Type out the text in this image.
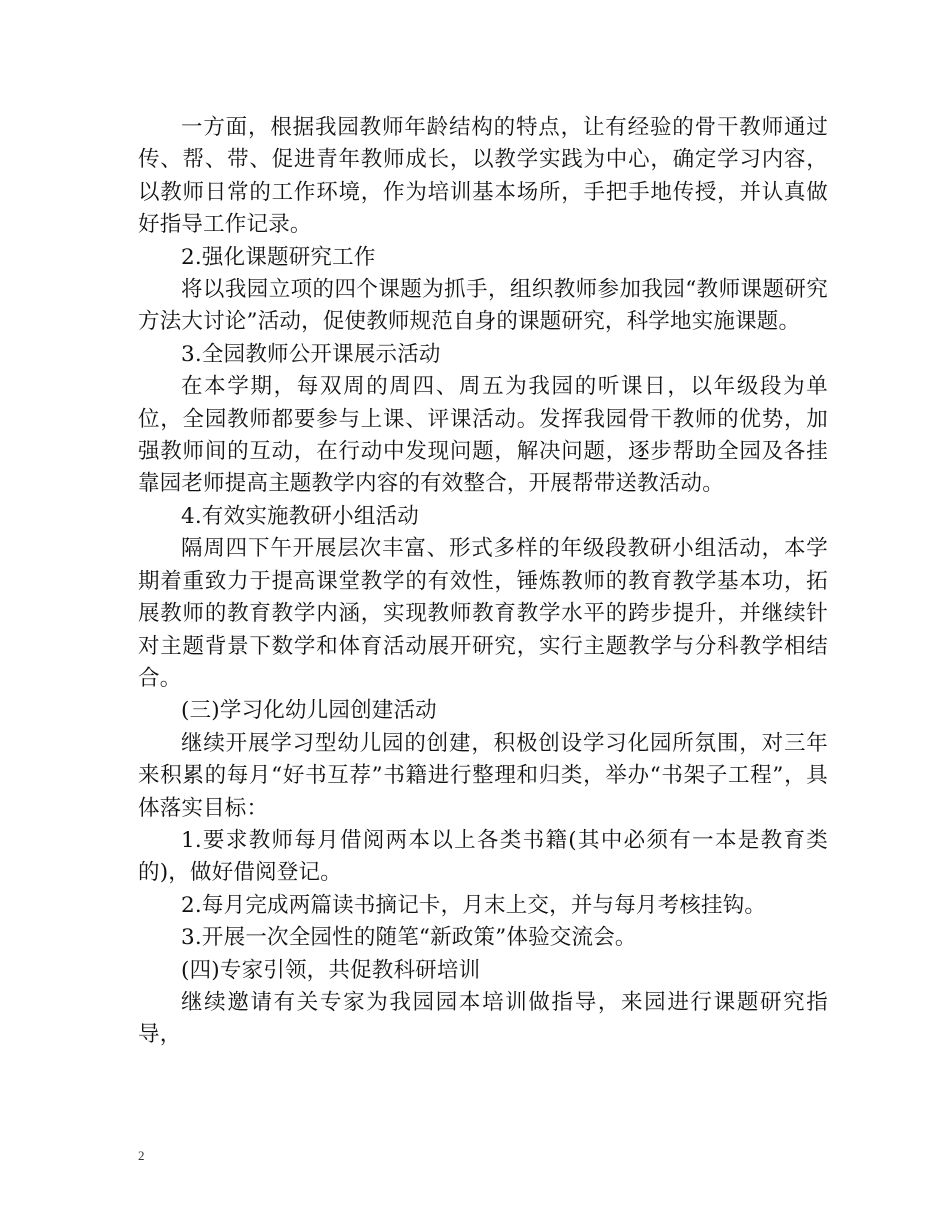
一方面，根据我园教师年龄结构的特点，让有经验的骨干教师通过传、帮、带、促进青年教师成长，以教学实践为中心，确定学习内容，以教师日常的工作环境，作为培训基本场所，手把手地传授，并认真做好指导工作记录。

2.强化课题研究工作

将以我园立项的四个课题为抓手，组织教师参加我园“教师课题研究方法大讨论”活动，促使教师规范自身的课题研究，科学地实施课题。

3.全园教师公开课展示活动

在本学期，每双周的周四、周五为我园的听课日，以年级段为单位，全园教师都要参与上课、评课活动。发挥我园骨干教师的优势，加强教师间的互动，在行动中发现问题，解决问题，逐步帮助全园及各挂靠园老师提高主题教学内容的有效整合，开展帮带送教活动。

4.有效实施教研小组活动

隔周四下午开展层次丰富、形式多样的年级段教研小组活动，本学期着重致力于提高课堂教学的有效性，锤炼教师的教育教学基本功，拓展教师的教育教学内涵，实现教师教育教学水平的跨步提升，并继续针对主题背景下数学和体育活动展开研究，实行主题教学与分科教学相结合。

(三)学习化幼儿园创建活动

继续开展学习型幼儿园的创建，积极创设学习化园所氛围，对三年来积累的每月“好书互荐”书籍进行整理和归类，举办“书架子工程”，具体落实目标：

1.要求教师每月借阅两本以上各类书籍(其中必须有一本是教育类的)，做好借阅登记。

2.每月完成两篇读书摘记卡，月末上交，并与每月考核挂钩。

3.开展一次全园性的随笔“新政策”体验交流会。

(四)专家引领，共促教科研培训

继续邀请有关专家为我园园本培训做指导，来园进行课题研究指导，

2
